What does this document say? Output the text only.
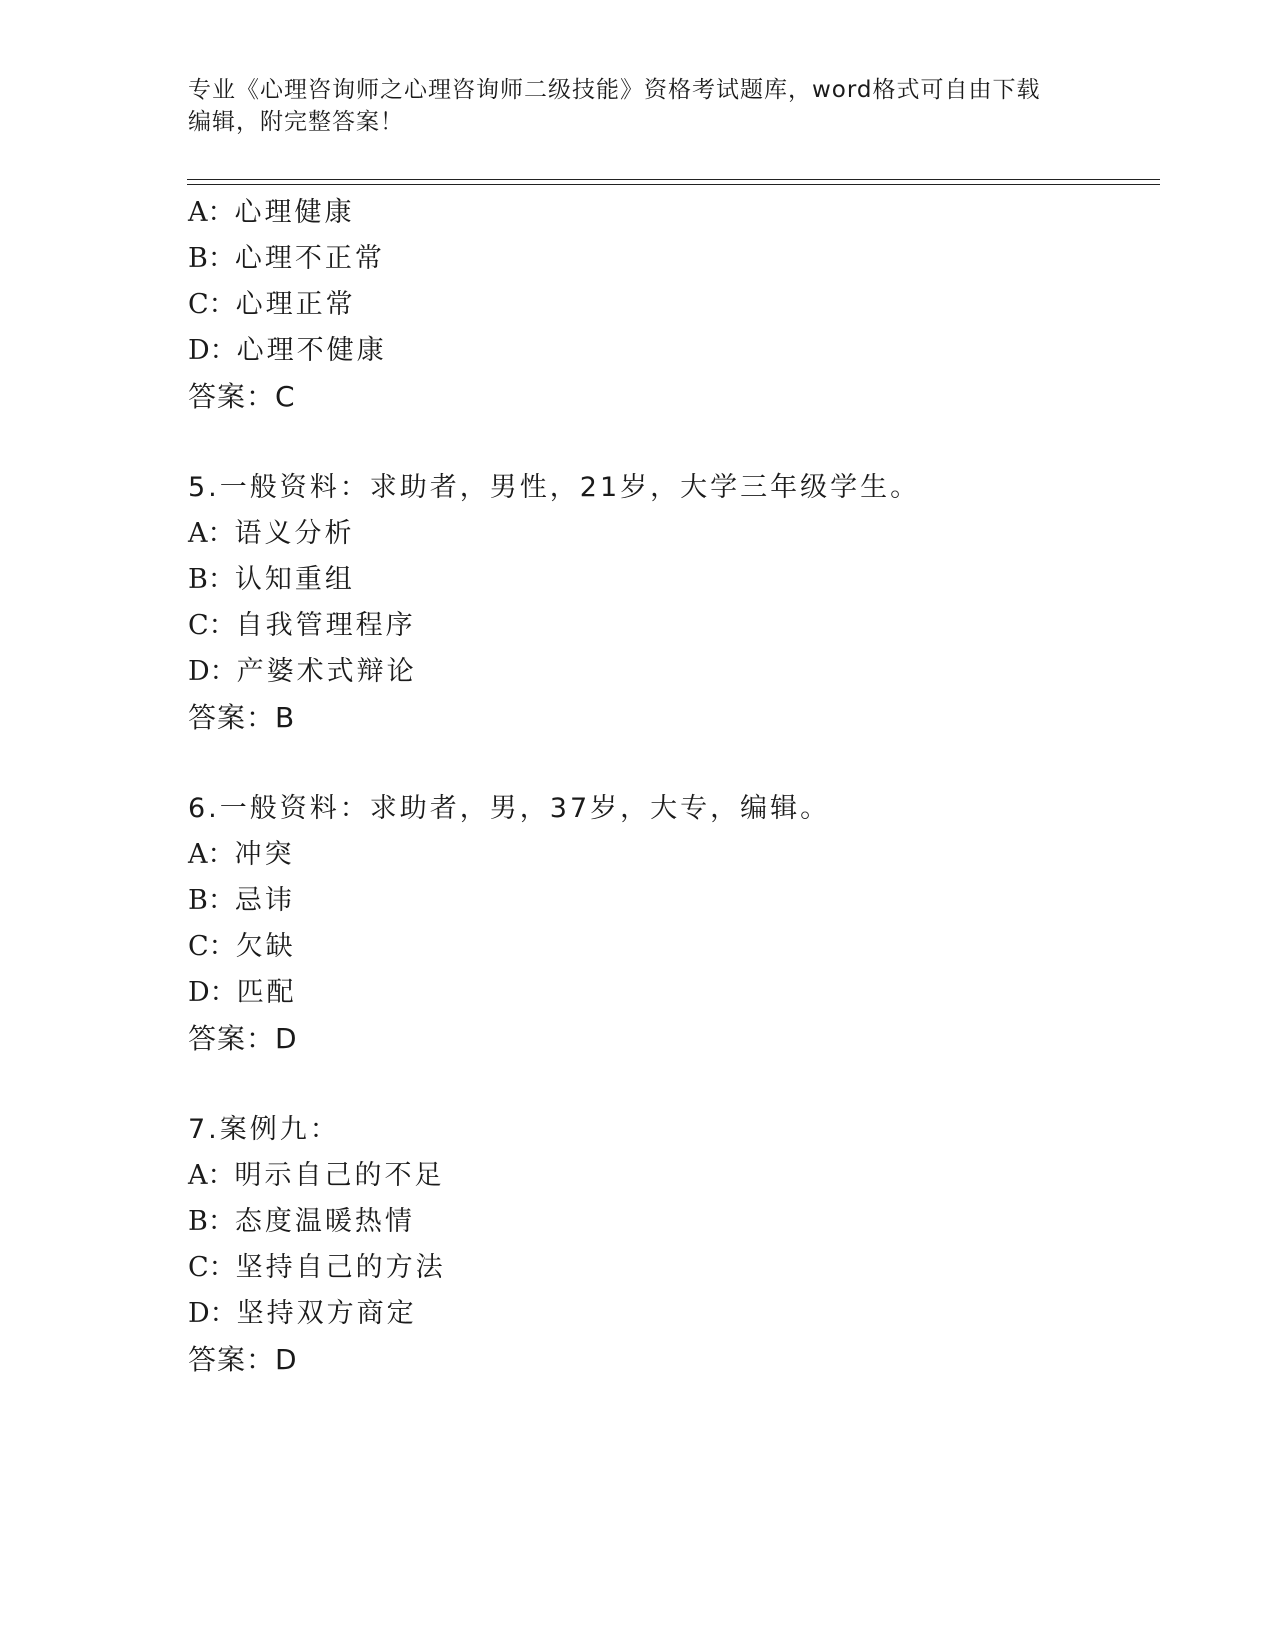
专业《心理咨询师之心理咨询师二级技能》资格考试题库，word格式可自由下载
编辑，附完整答案！
A：心理健康
B：心理不正常
C：心理正常
D：心理不健康
答案：C
5.一般资料：求助者，男性，21岁，大学三年级学生。
A：语义分析
B：认知重组
C：自我管理程序
D：产婆术式辩论
答案：B
6.一般资料：求助者，男，37岁，大专，编辑。
A：冲突
B：忌讳
C：欠缺
D：匹配
答案：D
7.案例九：
A：明示自己的不足
B：态度温暖热情
C：坚持自己的方法
D：坚持双方商定
答案：D
